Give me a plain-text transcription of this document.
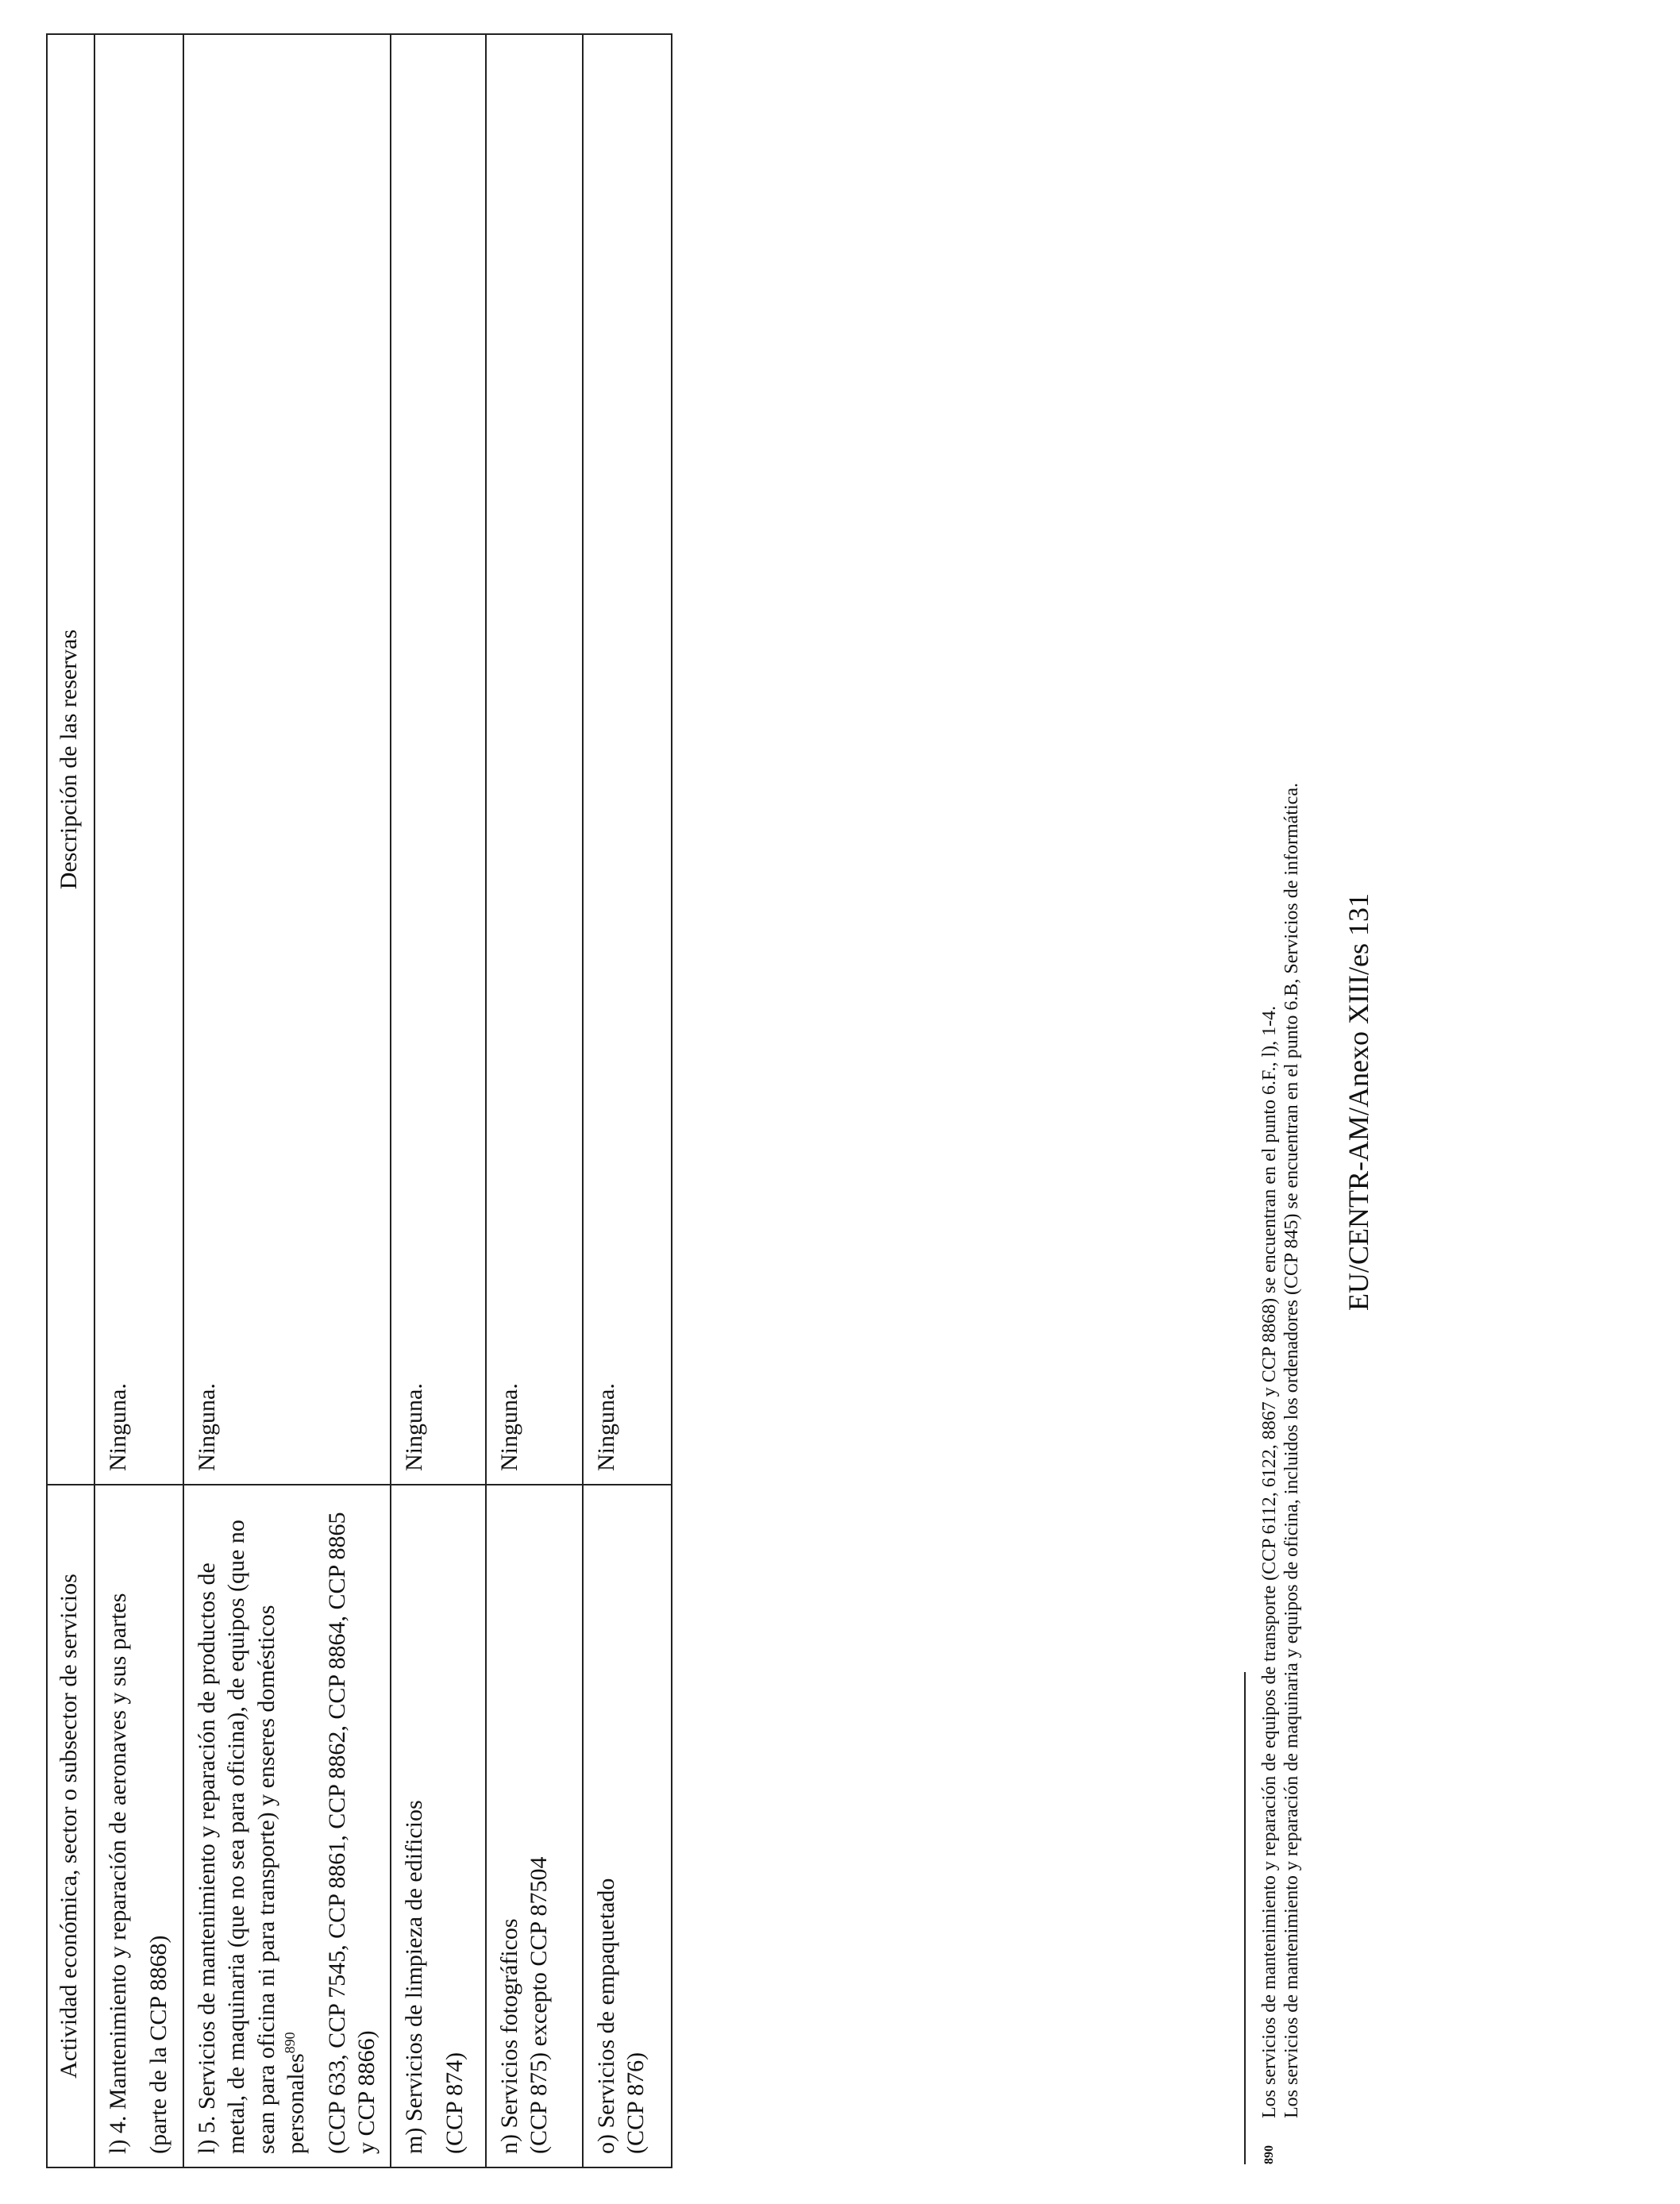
Actividad económica, sector o subsector de servicios	Descripción de las reservas

l) 4. Mantenimiento y reparación de aeronaves y sus partes (parte de la CCP 8868)	Ninguna.

l) 5. Servicios de mantenimiento y reparación de productos de metal, de maquinaria (que no sea para oficina), de equipos (que no sean para oficina ni para transporte) y enseres domésticos personales$^{890}$ (CCP 633, CCP 7545, CCP 8861, CCP 8862, CCP 8864, CCP 8865 y CCP 8866)	Ninguna.

m) Servicios de limpieza de edificios (CCP 874)	Ninguna.

n) Servicios fotográficos (CCP 875) excepto CCP 87504	Ninguna.

o) Servicios de empaquetado (CCP 876)	Ninguna.
890Los servicios de mantenimiento y reparación de equipos de transporte (CCP 6112, 6122, 8867 y CCP 8868) se encuentran en el punto 6.F., l), 1-4.
Los servicios de mantenimiento y reparación de maquinaria y equipos de oficina, incluidos los ordenadores (CCP 845) se encuentran en el punto 6.B, Servicios de informática. EU/CENTR-AM/Anexo XIII/es 131
